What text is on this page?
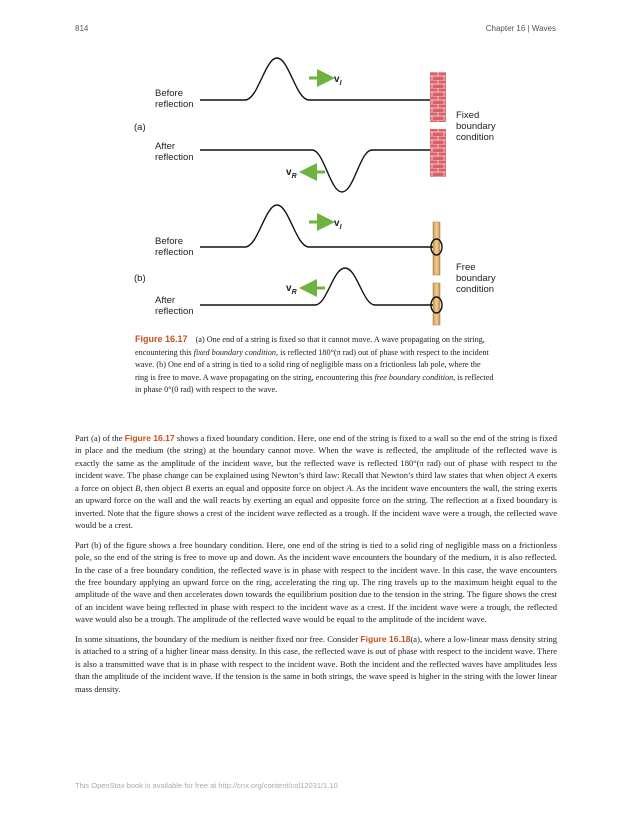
814	Chapter 16 | Waves
(a)
Before
reflection
After
reflection
$v_I$
$v_R$
Fixed
boundary
condition
(b)
Before
reflection
After
reflection
$v_I$
$v_R$
Free
boundary
condition
Figure 16.17 (a) One end of a string is fixed so that it cannot move. A wave propagating on the string, encountering this fixed boundary condition, is reflected 180°(π rad) out of phase with respect to the incident wave. (b) One end of a string is tied to a solid ring of negligible mass on a frictionless lab pole, where the ring is free to move. A wave propagating on the string, encountering this free boundary condition, is reflected in phase 0°(0 rad) with respect to the wave.

Part (a) of the Figure 16.17 shows a fixed boundary condition. Here, one end of the string is fixed to a wall so the end of the string is fixed in place and the medium (the string) at the boundary cannot move. When the wave is reflected, the amplitude of the reflected wave is exactly the same as the amplitude of the incident wave, but the reflected wave is reflected 180°(π rad) out of phase with respect to the incident wave. The phase change can be explained using Newton’s third law: Recall that Newton’s third law states that when object A exerts a force on object B, then object B exerts an equal and opposite force on object A. As the incident wave encounters the wall, the string exerts an upward force on the wall and the wall reacts by exerting an equal and opposite force on the string. The reflection at a fixed boundary is inverted. Note that the figure shows a crest of the incident wave reflected as a trough. If the incident wave were a trough, the reflected wave would be a crest.

Part (b) of the figure shows a free boundary condition. Here, one end of the string is tied to a solid ring of negligible mass on a frictionless pole, so the end of the string is free to move up and down. As the incident wave encounters the boundary of the medium, it is also reflected. In the case of a free boundary condition, the reflected wave is in phase with respect to the incident wave. In this case, the wave encounters the free boundary applying an upward force on the ring, accelerating the ring up. The ring travels up to the maximum height equal to the amplitude of the wave and then accelerates down towards the equilibrium position due to the tension in the string. The figure shows the crest of an incident wave being reflected in phase with respect to the incident wave as a crest. If the incident wave were a trough, the reflected wave would also be a trough. The amplitude of the reflected wave would be equal to the amplitude of the incident wave.

In some situations, the boundary of the medium is neither fixed nor free. Consider Figure 16.18(a), where a low-linear mass density string is attached to a string of a higher linear mass density. In this case, the reflected wave is out of phase with respect to the incident wave. There is also a transmitted wave that is in phase with respect to the incident wave. Both the incident and the reflected waves have amplitudes less than the amplitude of the incident wave. If the tension is the same in both strings, the wave speed is higher in the string with the lower linear mass density.

This OpenStax book is available for free at http://cnx.org/content/col12031/1.10
